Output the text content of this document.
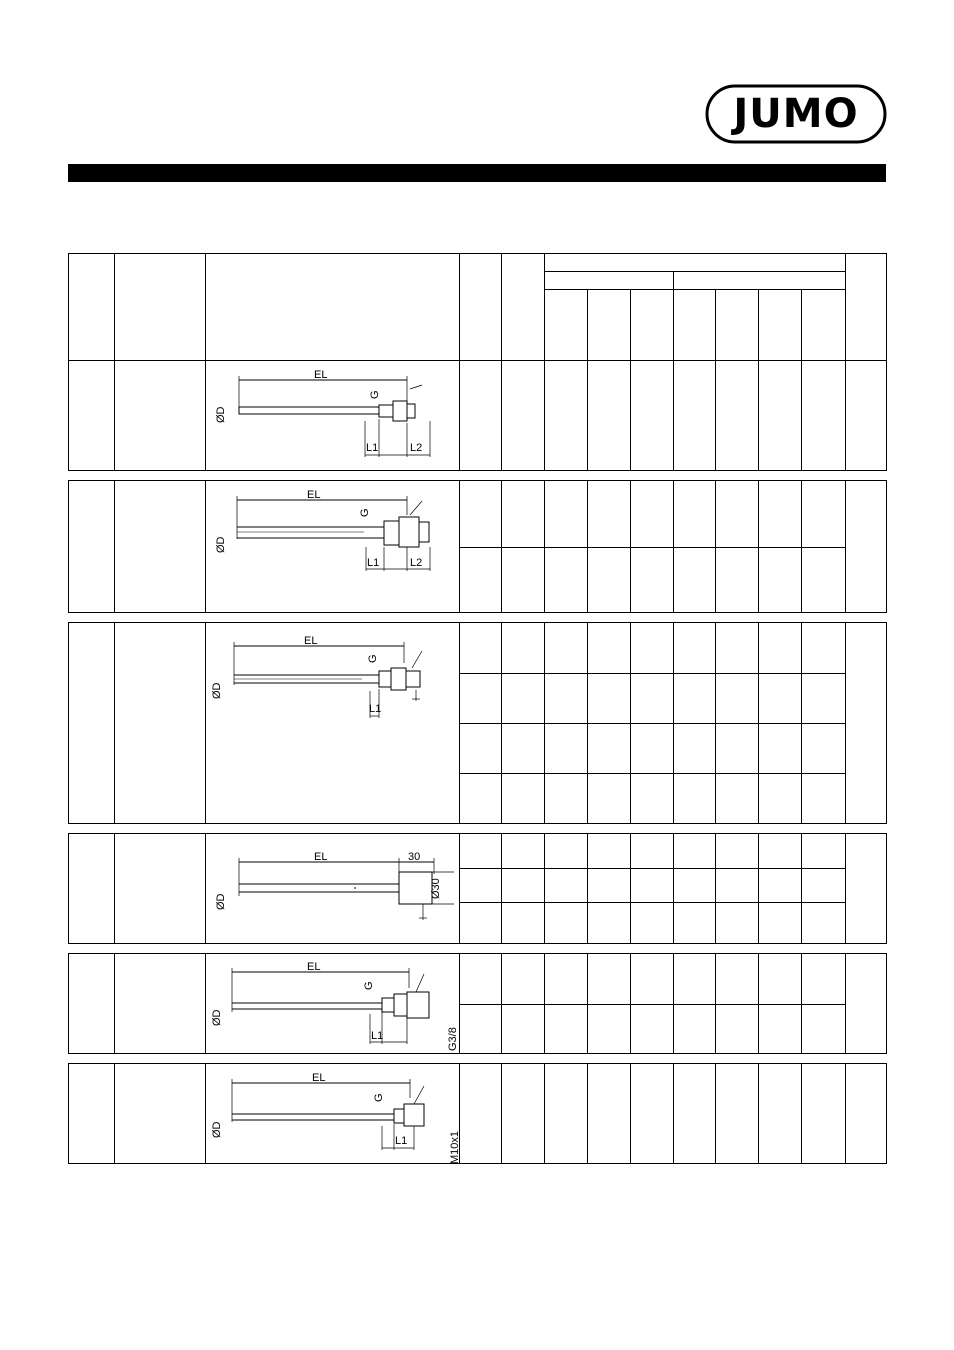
JUMO
EL
G
ØD
L1	L2
EL
G
ØD
L1	L2
EL
G
ØD
L1
EL	30
Ø30
ØD
EL
G
ØD
L1	G3/8
EL
G
ØD
L1	M10x1
